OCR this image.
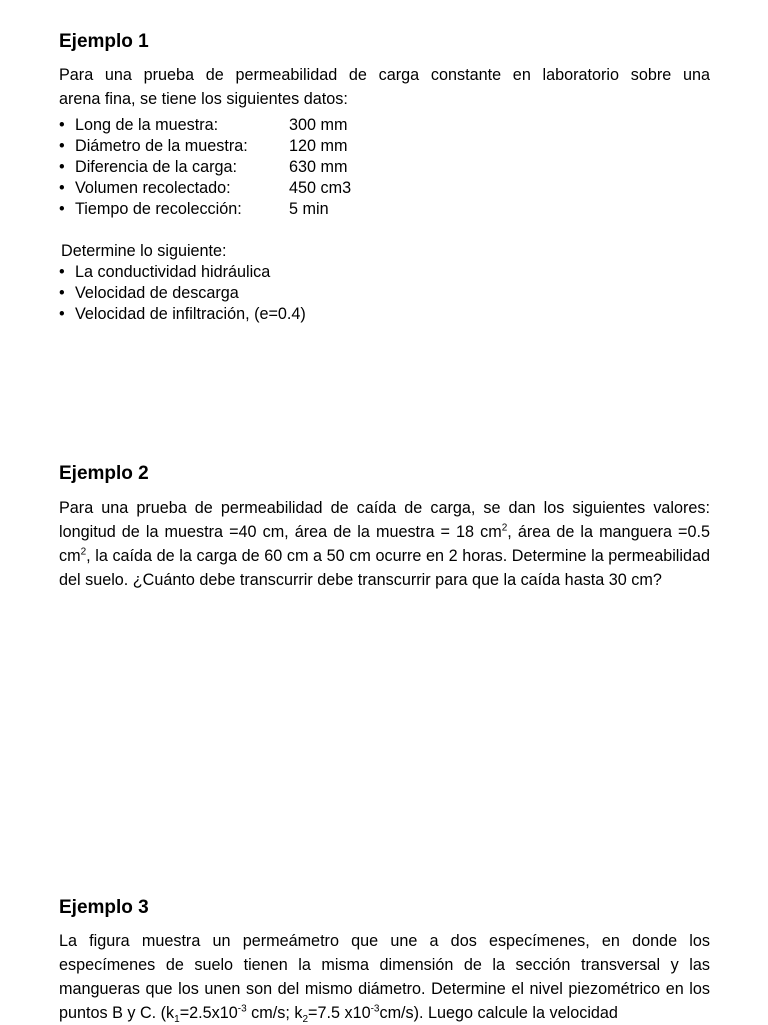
Ejemplo 1
Para una prueba de permeabilidad de carga constante en laboratorio sobre una
arena fina, se tiene los siguientes datos:
• Long de la muestra:	300 mm
• Diámetro de la muestra:	120 mm
• Diferencia de la carga:	630 mm
• Volumen recolectado:	450 cm3
• Tiempo de recolección:	5 min
Determine lo siguiente:
• La conductividad hidráulica
• Velocidad de descarga
• Velocidad de infiltración, (e=0.4)
Ejemplo 2

Para una prueba de permeabilidad de caída de carga, se dan los siguientes valores: longitud de la muestra =40 cm, área de la muestra = 18 $cm^2$, área de la manguera =0.5 $cm^2$, la caída de la carga de 60 cm a 50 cm ocurre en 2 horas. Determine la permeabilidad del suelo. ¿Cuánto debe transcurrir debe transcurrir para que la caída hasta 30 cm?

Ejemplo 3

La figura muestra un permeámetro que une a dos especímenes, en donde los especímenes de suelo tienen la misma dimensión de la sección transversal y las mangueras que los unen son del mismo diámetro. Determine el nivel piezométrico en los puntos B y C. ($k_1=2.5x10^{-3}$ cm/s; $k_2=7.5$ $x10^{-3}cm/s$). Luego calcule la velocidad
